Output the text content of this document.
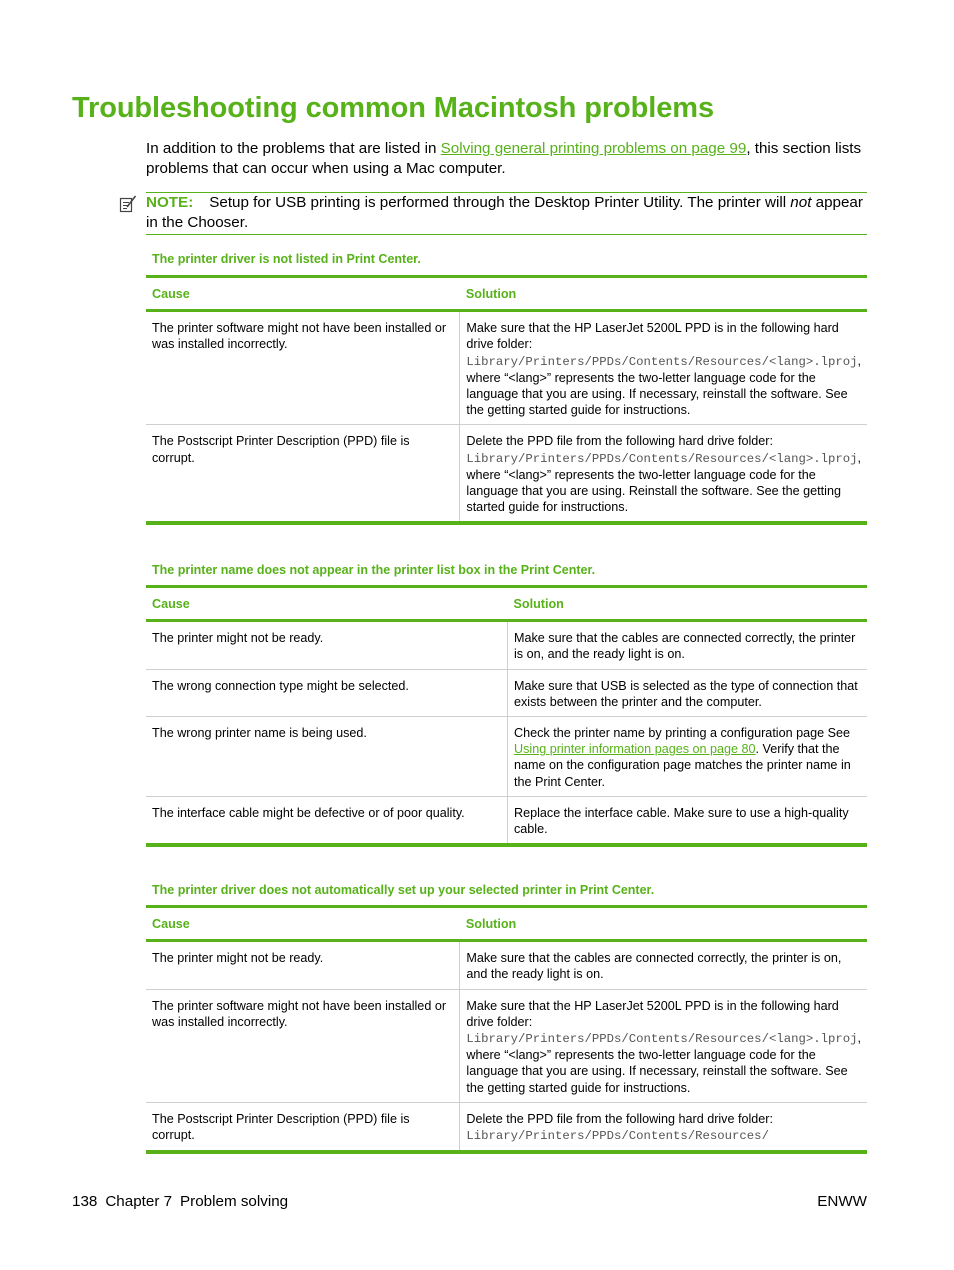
Troubleshooting common Macintosh problems

In addition to the problems that are listed in Solving general printing problems on page 99, this section lists problems that can occur when using a Mac computer.

NOTE: Setup for USB printing is performed through the Desktop Printer Utility. The printer will not appear in the Chooser.
The printer driver is not listed in Print Center.
Cause	Solution
The printer software might not have been installed or was installed incorrectly.	Make sure that the HP LaserJet 5200L PPD is in the following hard drive folder: Library/Printers/PPDs/Contents/Resources/<lang>.lproj, where “<lang>” represents the two-letter language code for the language that you are using. If necessary, reinstall the software. See the getting started guide for instructions.
The Postscript Printer Description (PPD) file is corrupt.	Delete the PPD file from the following hard drive folder: Library/Printers/PPDs/Contents/Resources/<lang>.lproj, where “<lang>” represents the two-letter language code for the language that you are using. Reinstall the software. See the getting started guide for instructions.
The printer name does not appear in the printer list box in the Print Center.
Cause	Solution
The printer might not be ready.	Make sure that the cables are connected correctly, the printer is on, and the ready light is on.
The wrong connection type might be selected.	Make sure that USB is selected as the type of connection that exists between the printer and the computer.
The wrong printer name is being used.	Check the printer name by printing a configuration page See Using printer information pages on page 80. Verify that the name on the configuration page matches the printer name in the Print Center.
The interface cable might be defective or of poor quality.	Replace the interface cable. Make sure to use a high-quality cable.
The printer driver does not automatically set up your selected printer in Print Center.
Cause	Solution
The printer might not be ready.	Make sure that the cables are connected correctly, the printer is on, and the ready light is on.
The printer software might not have been installed or was installed incorrectly.	Make sure that the HP LaserJet 5200L PPD is in the following hard drive folder: Library/Printers/PPDs/Contents/Resources/<lang>.lproj, where “<lang>” represents the two-letter language code for the language that you are using. If necessary, reinstall the software. See the getting started guide for instructions.
The Postscript Printer Description (PPD) file is corrupt.	Delete the PPD file from the following hard drive folder: Library/Printers/PPDs/Contents/Resources/
138 Chapter 7 Problem solving	ENWW
